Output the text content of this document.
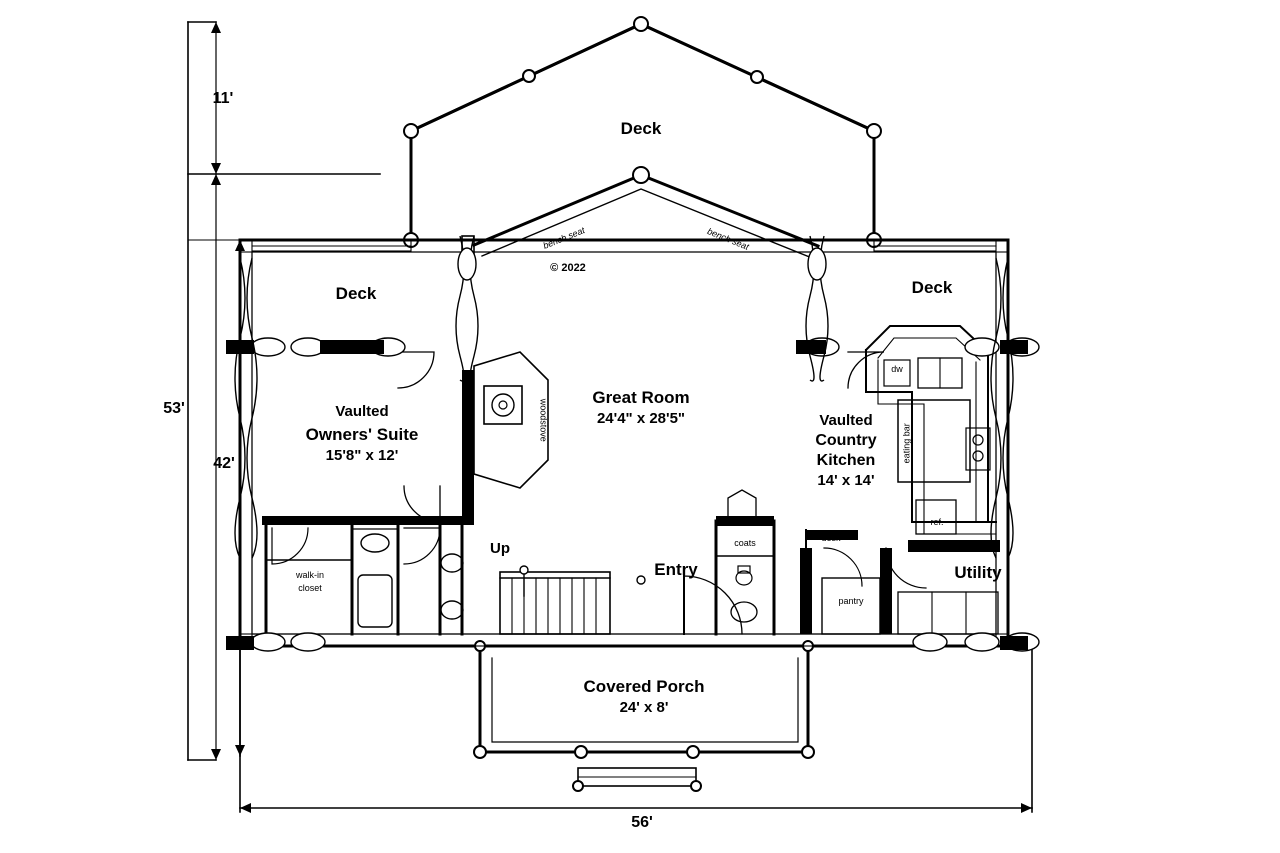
11'
53'
42'
56'
Deck
Deck	Deck
Great Room
24'4" x 28'5"
Vaulted
Owners' Suite
15'8" x 12'
Vaulted
Country
Kitchen
14' x 14'
Entry	Utility
Covered Porch
24' x 8'
Up
walk-in
closet
woodstove
bench seat	bench seat
coats	desk
pantry
dw
ref.
eating bar
© 2022
